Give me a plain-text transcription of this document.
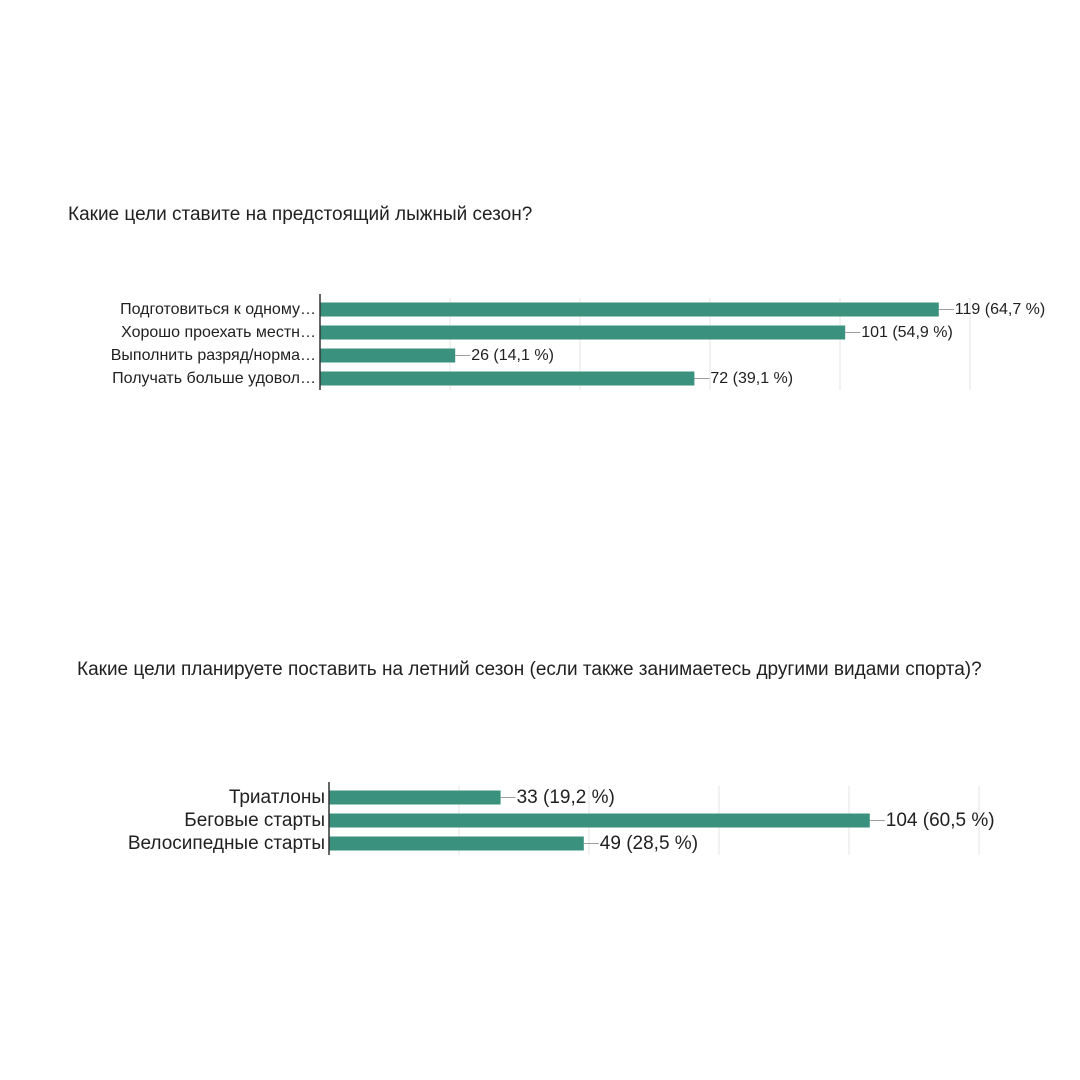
Какие цели ставите на предстоящий лыжный сезон?
Подготовиться к одному…	119 (64,7 %)
Хорошо проехать местн…	101 (54,9 %)
Выполнить разряд/норма…	26 (14,1 %)
Получать больше удовол…	72 (39,1 %)
Какие цели планируете поставить на летний сезон (если также занимаетесь другими видами спорта)?
Триатлоны	33 (19,2 %)
Беговые старты	104 (60,5 %)
Велосипедные старты	49 (28,5 %)
